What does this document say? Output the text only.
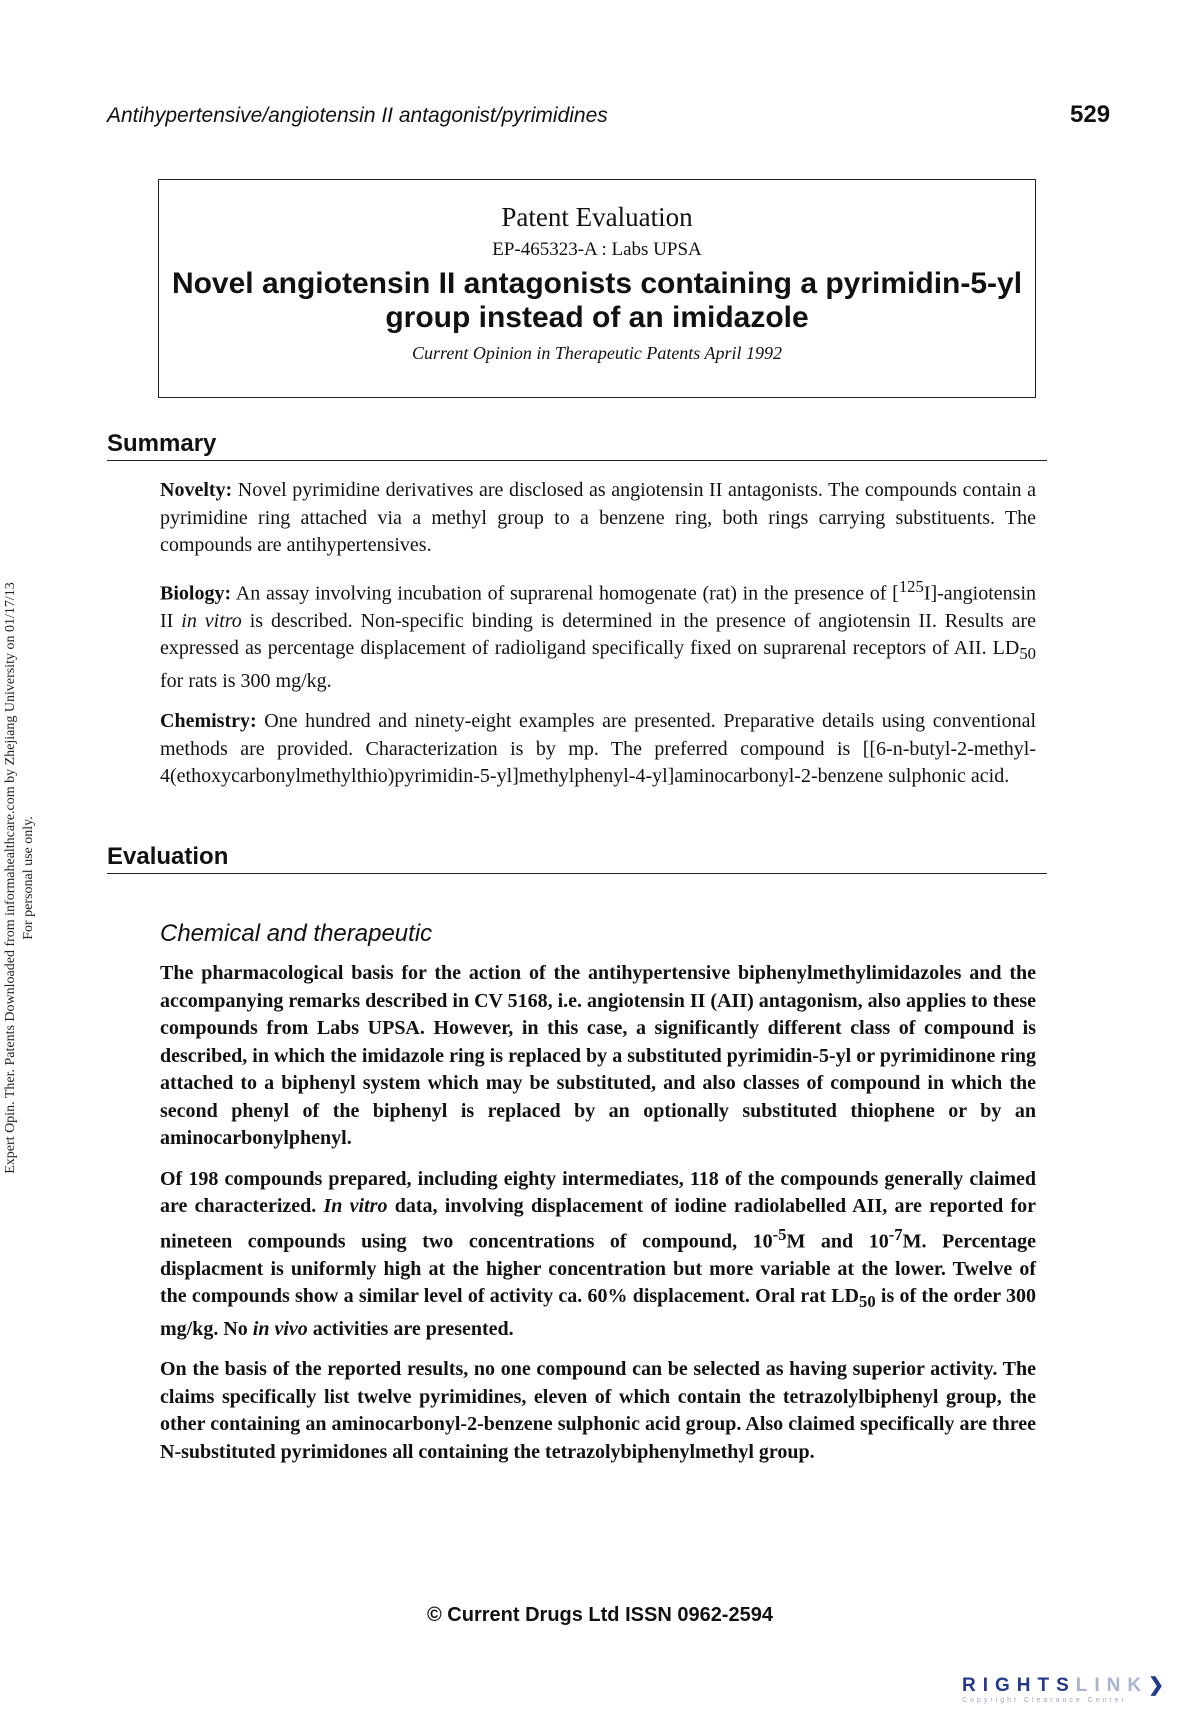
Antihypertensive/angiotensin II antagonist/pyrimidines	529
Patent Evaluation
EP-465323-A : Labs UPSA
Novel angiotensin II antagonists containing a pyrimidin-5-yl group instead of an imidazole
Current Opinion in Therapeutic Patents April 1992
Summary

Novelty: Novel pyrimidine derivatives are disclosed as angiotensin II antagonists. The compounds contain a pyrimidine ring attached via a methyl group to a benzene ring, both rings carrying substituents. The compounds are antihypertensives.

Biology: An assay involving incubation of suprarenal homogenate (rat) in the presence of [$^{125}$I]-angiotensin II in vitro is described. Non-specific binding is determined in the presence of angiotensin II. Results are expressed as percentage displacement of radioligand specifically fixed on suprarenal receptors of AII. $LD_{50}$ for rats is 300 mg/kg.

Chemistry: One hundred and ninety-eight examples are presented. Preparative details using conventional methods are provided. Characterization is by mp. The preferred compound is [[6-n-butyl-2-methyl-4(ethoxycarbonylmethylthio)pyrimidin-5-yl]methylphenyl-4-yl]aminocarbonyl-2-benzene sulphonic acid.

Evaluation
Chemical and therapeutic

The pharmacological basis for the action of the antihypertensive biphenylmethylimidazoles and the accompanying remarks described in CV 5168, i.e. angiotensin II (AII) antagonism, also applies to these compounds from Labs UPSA. However, in this case, a significantly different class of compound is described, in which the imidazole ring is replaced by a substituted pyrimidin-5-yl or pyrimidinone ring attached to a biphenyl system which may be substituted, and also classes of compound in which the second phenyl of the biphenyl is replaced by an optionally substituted thiophene or by an aminocarbonylphenyl.

Of 198 compounds prepared, including eighty intermediates, 118 of the compounds generally claimed are characterized. In vitro data, involving displacement of iodine radiolabelled AII, are reported for nineteen compounds using two concentrations of compound, $10^{-5}M$ and $10^{-7}M$. Percentage displacment is uniformly high at the higher concentration but more variable at the lower. Twelve of the compounds show a similar level of activity ca. 60% displacement. Oral rat $LD_{50}$ is of the order 300 mg/kg. No in vivo activities are presented.

On the basis of the reported results, no one compound can be selected as having superior activity. The claims specifically list twelve pyrimidines, eleven of which contain the tetrazolylbiphenyl group, the other containing an aminocarbonyl-2-benzene sulphonic acid group. Also claimed specifically are three N-substituted pyrimidones all containing the tetrazolybiphenylmethyl group.

© Current Drugs Ltd ISSN 0962-2594
Expert Opin. Ther. Patents Downloaded from informahealthcare.com by Zhejiang University on 01/17/13 For personal use only.
RIGHTSLINK❯
Copyright Clearance Center
